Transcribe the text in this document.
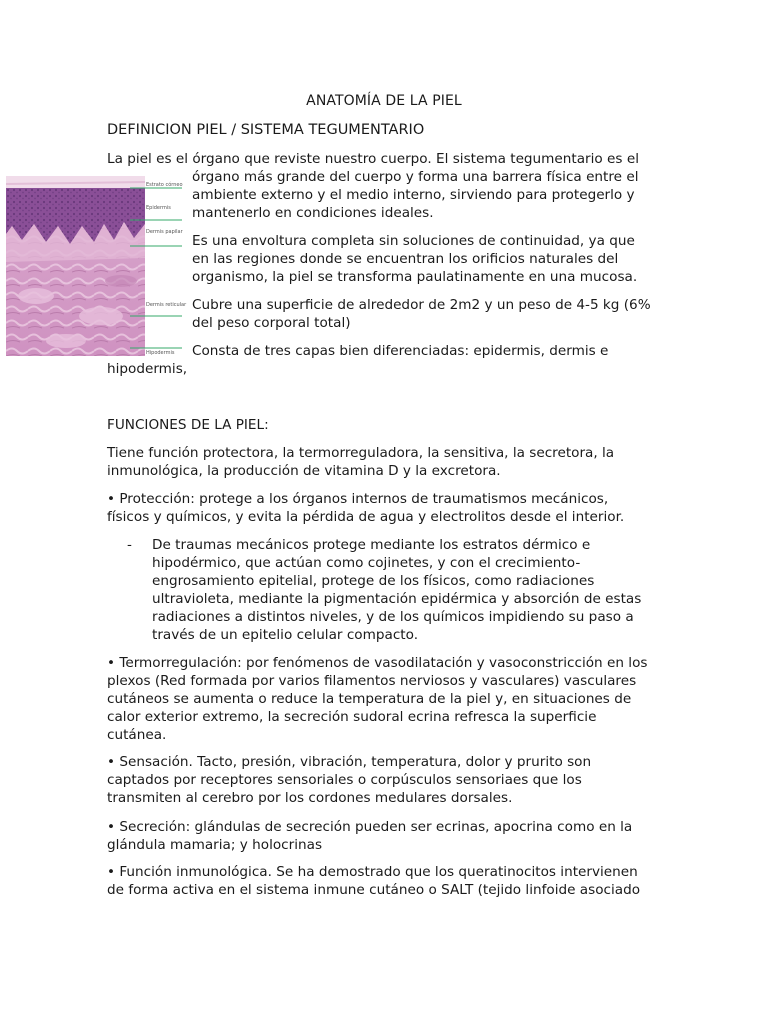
ANATOMÍA DE LA PIEL
DEFINICION PIEL / SISTEMA TEGUMENTARIO
Estrato córneo
Epidermis
Dermis papilar
Dermis reticular
Hipodermis
La piel es el órgano que reviste nuestro cuerpo. El sistema tegumentario es el
órgano más grande del cuerpo y forma una barrera física entre el
ambiente externo y el medio interno, sirviendo para protegerlo y
mantenerlo en condiciones ideales.
Es una envoltura completa sin soluciones de continuidad, ya que
en las regiones donde se encuentran los orificios naturales del
organismo, la piel se transforma paulatinamente en una mucosa.
Cubre una superficie de alrededor de 2m2 y un peso de 4-5 kg (6%
del peso corporal total)
Consta de tres capas bien diferenciadas: epidermis, dermis e
hipodermis,
FUNCIONES DE LA PIEL:
Tiene función protectora, la termorreguladora, la sensitiva, la secretora, la
inmunológica, la producción de vitamina D y la excretora.
• Protección: protege a los órganos internos de traumatismos mecánicos,
físicos y químicos, y evita la pérdida de agua y electrolitos desde el interior.
- De traumas mecánicos protege mediante los estratos dérmico e
hipodérmico, que actúan como cojinetes, y con el crecimiento-
engrosamiento epitelial, protege de los físicos, como radiaciones
ultravioleta, mediante la pigmentación epidérmica y absorción de estas
radiaciones a distintos niveles, y de los químicos impidiendo su paso a
través de un epitelio celular compacto.
• Termorregulación: por fenómenos de vasodilatación y vasoconstricción en los
plexos (Red formada por varios filamentos nerviosos y vasculares) vasculares
cutáneos se aumenta o reduce la temperatura de la piel y, en situaciones de
calor exterior extremo, la secreción sudoral ecrina refresca la superficie
cutánea.
• Sensación. Tacto, presión, vibración, temperatura, dolor y prurito son
captados por receptores sensoriales o corpúsculos sensoriaes que los
transmiten al cerebro por los cordones medulares dorsales.
• Secreción: glándulas de secreción pueden ser ecrinas, apocrina como en la
glándula mamaria; y holocrinas
• Función inmunológica. Se ha demostrado que los queratinocitos intervienen
de forma activa en el sistema inmune cutáneo o SALT (tejido linfoide asociado
